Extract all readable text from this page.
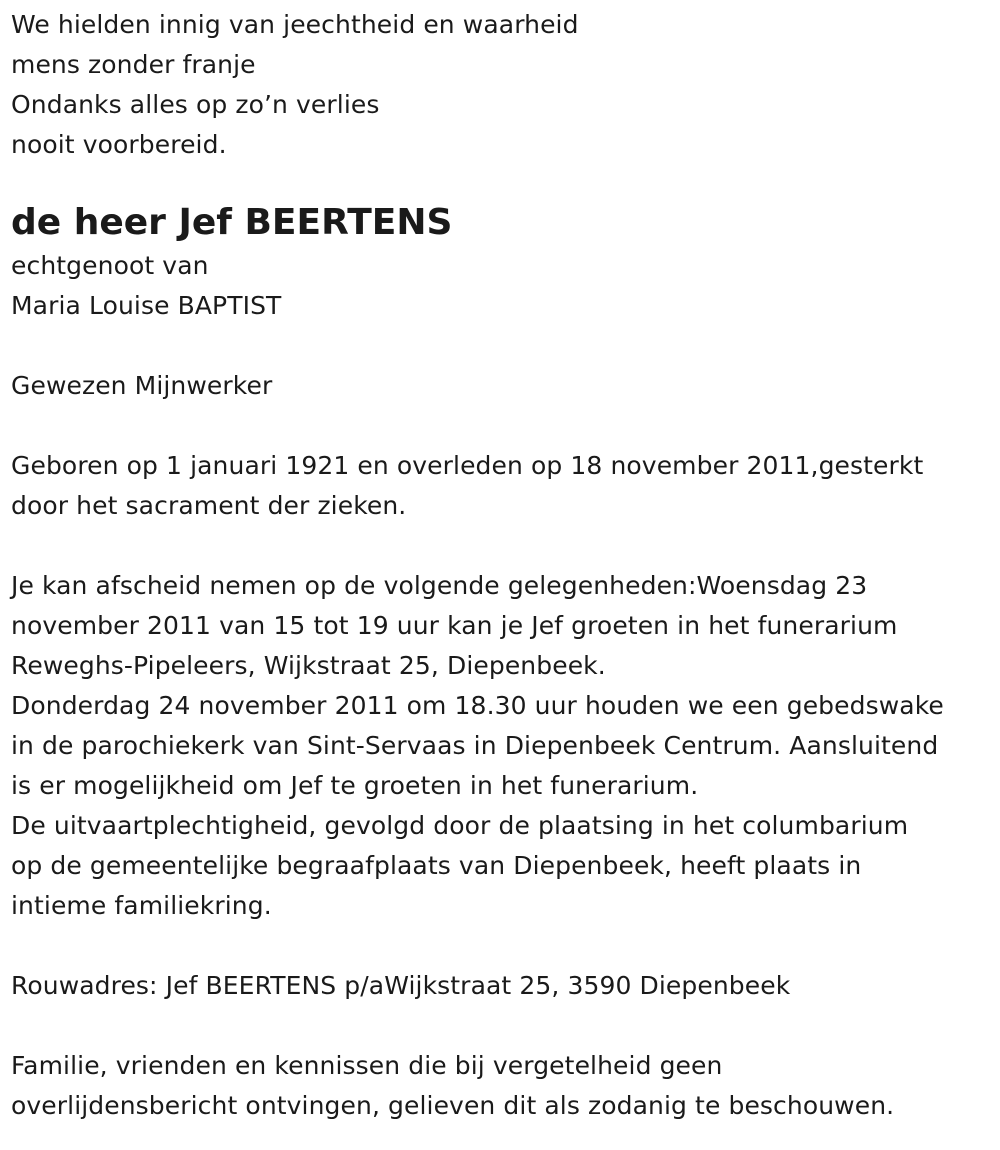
We hielden innig van jeechtheid en waarheid
mens zonder franje
Ondanks alles op zo’n verlies
nooit voorbereid.
de heer Jef BEERTENS
echtgenoot van
Maria Louise BAPTIST
Gewezen Mijnwerker
Geboren op 1 januari 1921 en overleden op 18 november 2011,gesterkt
door het sacrament der zieken.
Je kan afscheid nemen op de volgende gelegenheden:Woensdag 23
november 2011 van 15 tot 19 uur kan je Jef groeten in het funerarium
Reweghs-Pipeleers, Wijkstraat 25, Diepenbeek.
Donderdag 24 november 2011 om 18.30 uur houden we een gebedswake
in de parochiekerk van Sint-Servaas in Diepenbeek Centrum. Aansluitend
is er mogelijkheid om Jef te groeten in het funerarium.
De uitvaartplechtigheid, gevolgd door de plaatsing in het columbarium
op de gemeentelijke begraafplaats van Diepenbeek, heeft plaats in
intieme familiekring.
Rouwadres: Jef BEERTENS p/aWijkstraat 25, 3590 Diepenbeek
Familie, vrienden en kennissen die bij vergetelheid geen
overlijdensbericht ontvingen, gelieven dit als zodanig te beschouwen.
